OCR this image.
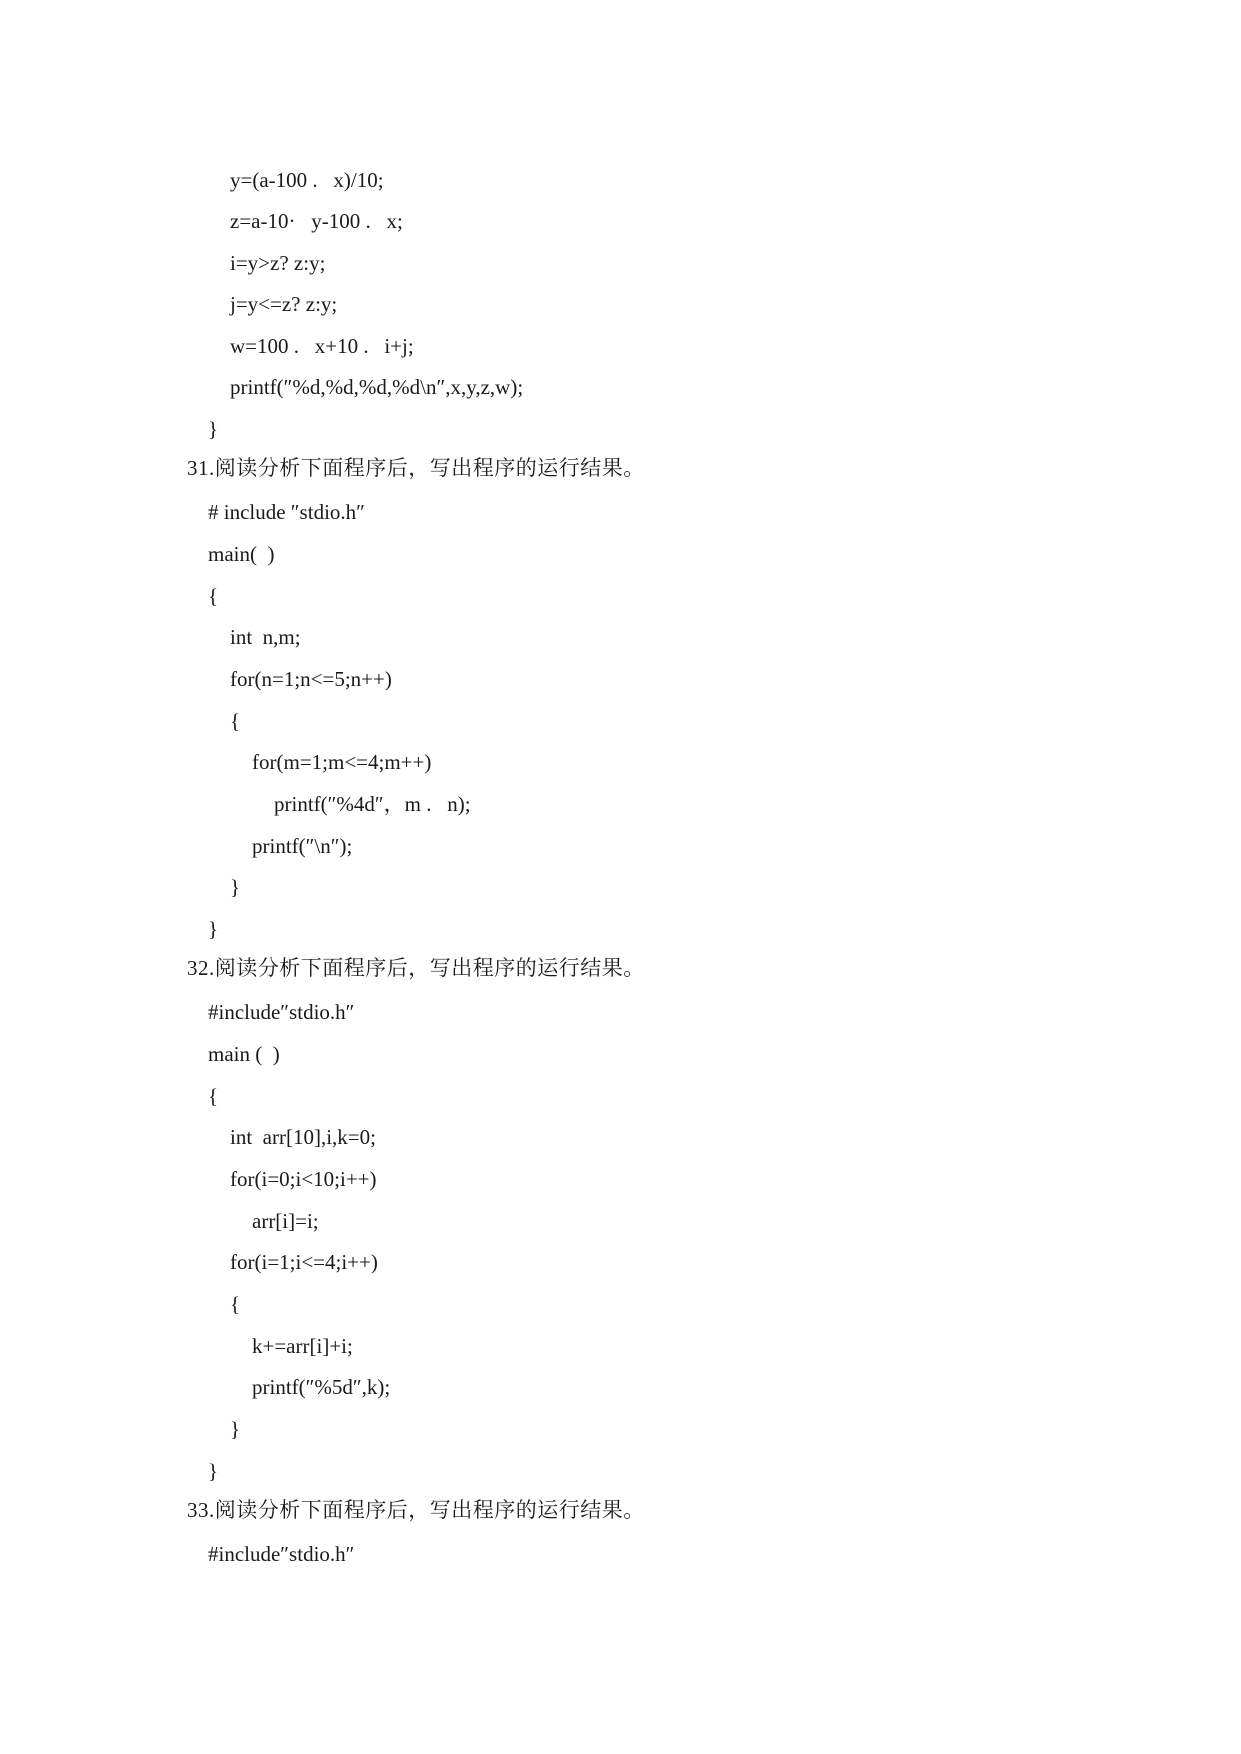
y=(a-100 .   x)/10;
z=a-10·   y-100 .   x;
i=y>z? z:y;
j=y<=z? z:y;
w=100 .   x+10 .   i+j;
printf(″%d,%d,%d,%d\n″,x,y,z,w);
}
31.阅读分析下面程序后，写出程序的运行结果。
# include ″stdio.h″
main(  )
{
int  n,m;
for(n=1;n<=5;n++)
{
for(m=1;m<=4;m++)
printf(″%4d″，m .   n);
printf(″\n″);
}
}
32.阅读分析下面程序后，写出程序的运行结果。
#include″stdio.h″
main (  )
{
int  arr[10],i,k=0;
for(i=0;i<10;i++)
arr[i]=i;
for(i=1;i<=4;i++)
{
k+=arr[i]+i;
printf(″%5d″,k);
}
}
33.阅读分析下面程序后，写出程序的运行结果。
#include″stdio.h″
